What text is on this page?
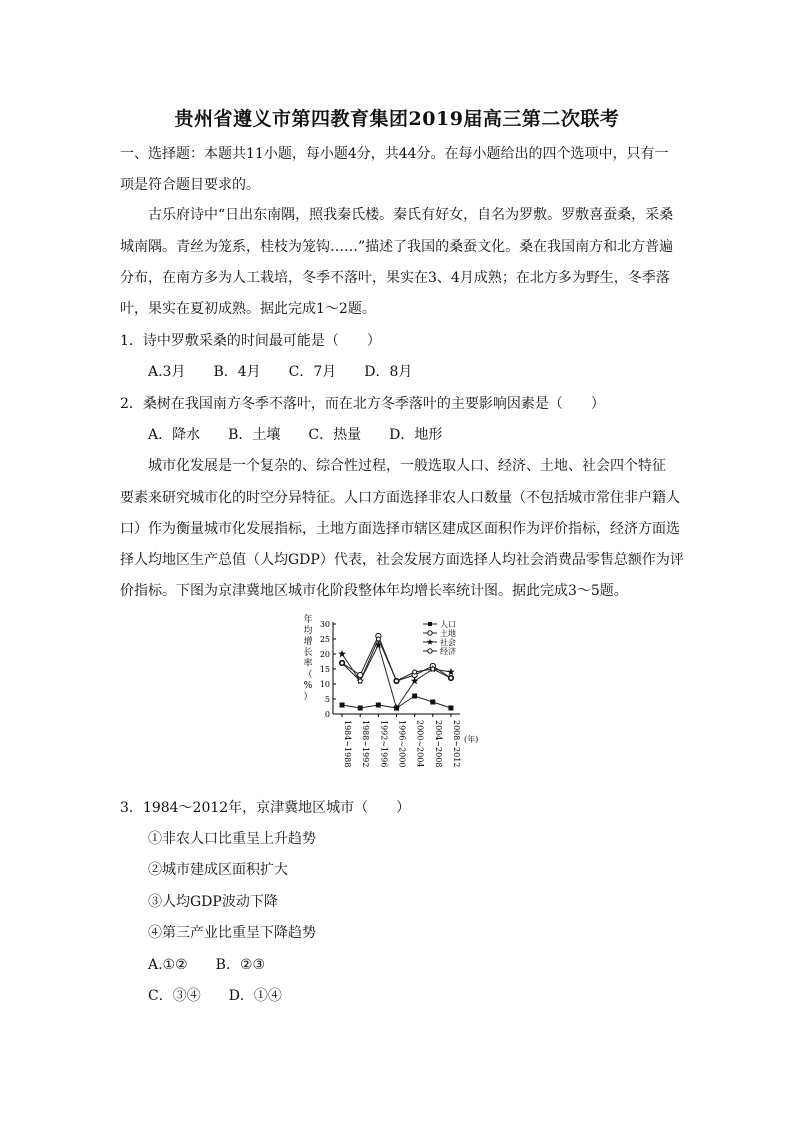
贵州省遵义市第四教育集团2019届高三第二次联考
一、选择题：本题共11小题，每小题4分，共44分。在每小题给出的四个选项中，只有一
项是符合题目要求的。
古乐府诗中“日出东南隅，照我秦氏楼。秦氏有好女，自名为罗敷。罗敷喜蚕桑，采桑
城南隅。青丝为笼系，桂枝为笼钩……”描述了我国的桑蚕文化。桑在我国南方和北方普遍
分布，在南方多为人工栽培，冬季不落叶，果实在3、4月成熟；在北方多为野生，冬季落
叶，果实在夏初成熟。据此完成1～2题。
1．诗中罗敷采桑的时间最可能是（　　）
A.3月　　B．4月　　C．7月　　D．8月
2．桑树在我国南方冬季不落叶，而在北方冬季落叶的主要影响因素是（　　）
A．降水　　B．土壤　　C．热量　　D．地形
城市化发展是一个复杂的、综合性过程，一般选取人口、经济、土地、社会四个特征
要素来研究城市化的时空分异特征。人口方面选择非农人口数量（不包括城市常住非户籍人
口）作为衡量城市化发展指标，土地方面选择市辖区建成区面积作为评价指标，经济方面选
择人均地区生产总值（人均GDP）代表，社会发展方面选择人均社会消费品零售总额作为评
价指标。下图为京津冀地区城市化阶段整体年均增长率统计图。据此完成3～5题。
0
5
10
15
20
25
30
年
均
增
长
率
（
%
）
1984~1988 1988~1992 1992~1996 1996~2000 2000~2004 2004~2008 2008~2012 (年)
人口
土地
社会
经济
3．1984～2012年，京津冀地区城市（　　）
①非农人口比重呈上升趋势
②城市建成区面积扩大
③人均GDP波动下降
④第三产业比重呈下降趋势
A.①②　　B．②③
C．③④　　D．①④
